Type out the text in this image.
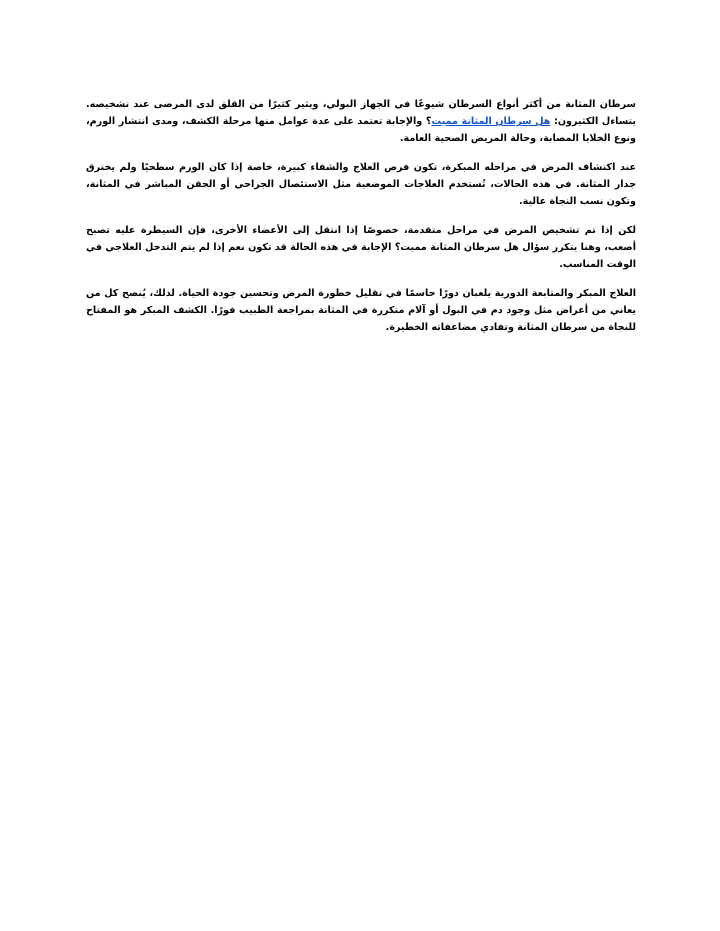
سرطان المثانة من أكثر أنواع السرطان شيوعًا في الجهاز البولي، ويثير كثيرًا من القلق لدى المرضى عند تشخيصه. يتساءل الكثيرون: هل سرطان المثانة مميت؟ والإجابة تعتمد على عدة عوامل منها مرحلة الكشف، ومدى انتشار الورم، ونوع الخلايا المصابة، وحالة المريض الصحية العامة.

عند اكتشاف المرض في مراحله المبكرة، تكون فرص العلاج والشفاء كبيرة، خاصة إذا كان الورم سطحيًا ولم يخترق جدار المثانة. في هذه الحالات، تُستخدم العلاجات الموضعية مثل الاستئصال الجراحي أو الحقن المباشر في المثانة، وتكون نسب النجاة عالية.

لكن إذا تم تشخيص المرض في مراحل متقدمة، خصوصًا إذا انتقل إلى الأعضاء الأخرى، فإن السيطرة عليه تصبح أصعب، وهنا يتكرر سؤال هل سرطان المثانة مميت؟ الإجابة في هذه الحالة قد تكون نعم إذا لم يتم التدخل العلاجي في الوقت المناسب.

العلاج المبكر والمتابعة الدورية يلعبان دورًا حاسمًا في تقليل خطورة المرض وتحسين جودة الحياة. لذلك، يُنصح كل من يعاني من أعراض مثل وجود دم في البول أو آلام متكررة في المثانة بمراجعة الطبيب فورًا. الكشف المبكر هو المفتاح للنجاة من سرطان المثانة وتفادي مضاعفاته الخطيرة.
